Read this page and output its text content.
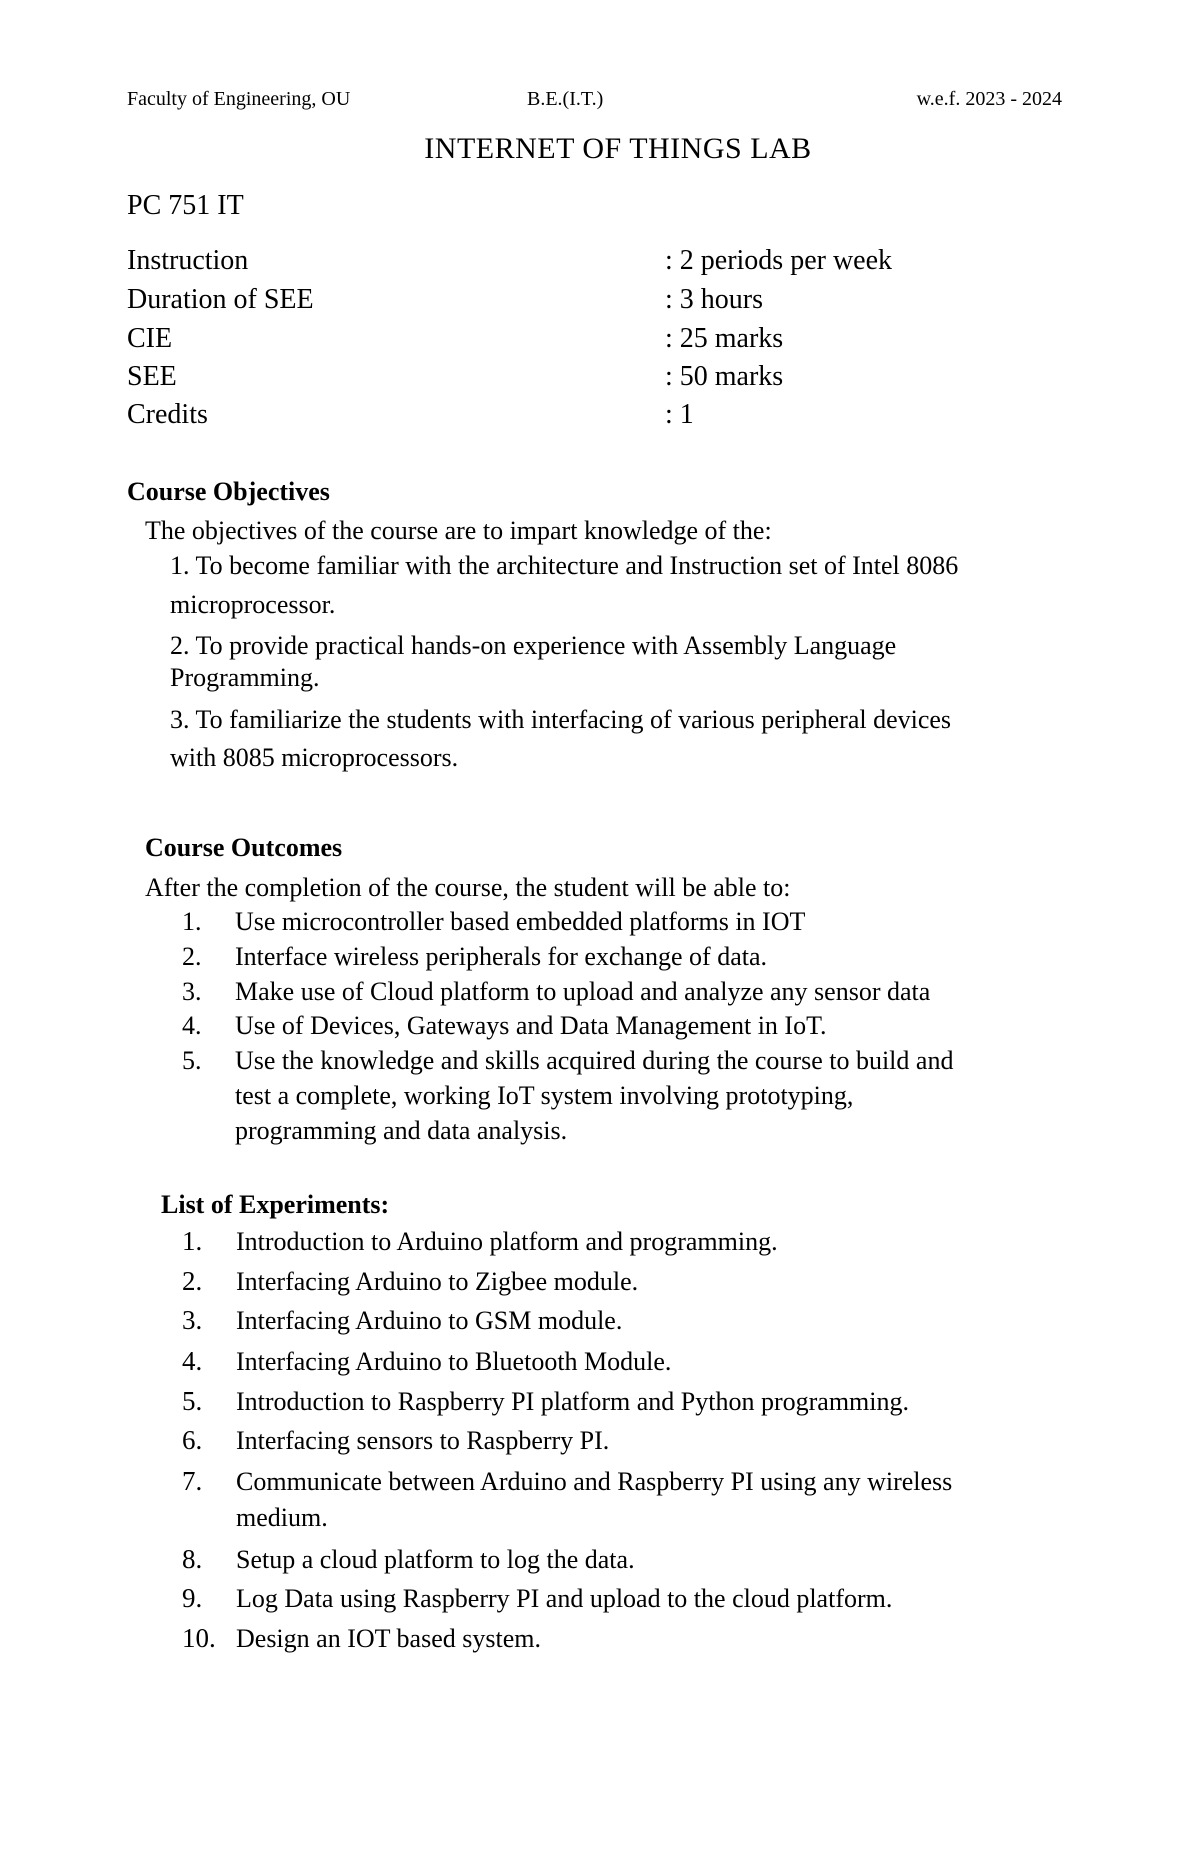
Faculty of Engineering, OU	B.E.(I.T.)	w.e.f. 2023 - 2024
INTERNET OF THINGS LAB
PC 751 IT
Instruction	: 2 periods per week
Duration of SEE	: 3 hours
CIE	: 25 marks
SEE	: 50 marks
Credits	: 1
Course Objectives
The objectives of the course are to impart knowledge of the:
1. To become familiar with the architecture and Instruction set of Intel 8086
microprocessor.
2. To provide practical hands-on experience with Assembly Language
Programming.
3. To familiarize the students with interfacing of various peripheral devices
with 8085 microprocessors.
Course Outcomes
After the completion of the course, the student will be able to:
1. Use microcontroller based embedded platforms in IOT
2. Interface wireless peripherals for exchange of data.
3. Make use of Cloud platform to upload and analyze any sensor data
4. Use of Devices, Gateways and Data Management in IoT.
5. Use the knowledge and skills acquired during the course to build and
test a complete, working IoT system involving prototyping,
programming and data analysis.
List of Experiments:
1. Introduction to Arduino platform and programming.
2. Interfacing Arduino to Zigbee module.
3. Interfacing Arduino to GSM module.
4. Interfacing Arduino to Bluetooth Module.
5. Introduction to Raspberry PI platform and Python programming.
6. Interfacing sensors to Raspberry PI.
7. Communicate between Arduino and Raspberry PI using any wireless
medium.
8. Setup a cloud platform to log the data.
9. Log Data using Raspberry PI and upload to the cloud platform.
10. Design an IOT based system.
